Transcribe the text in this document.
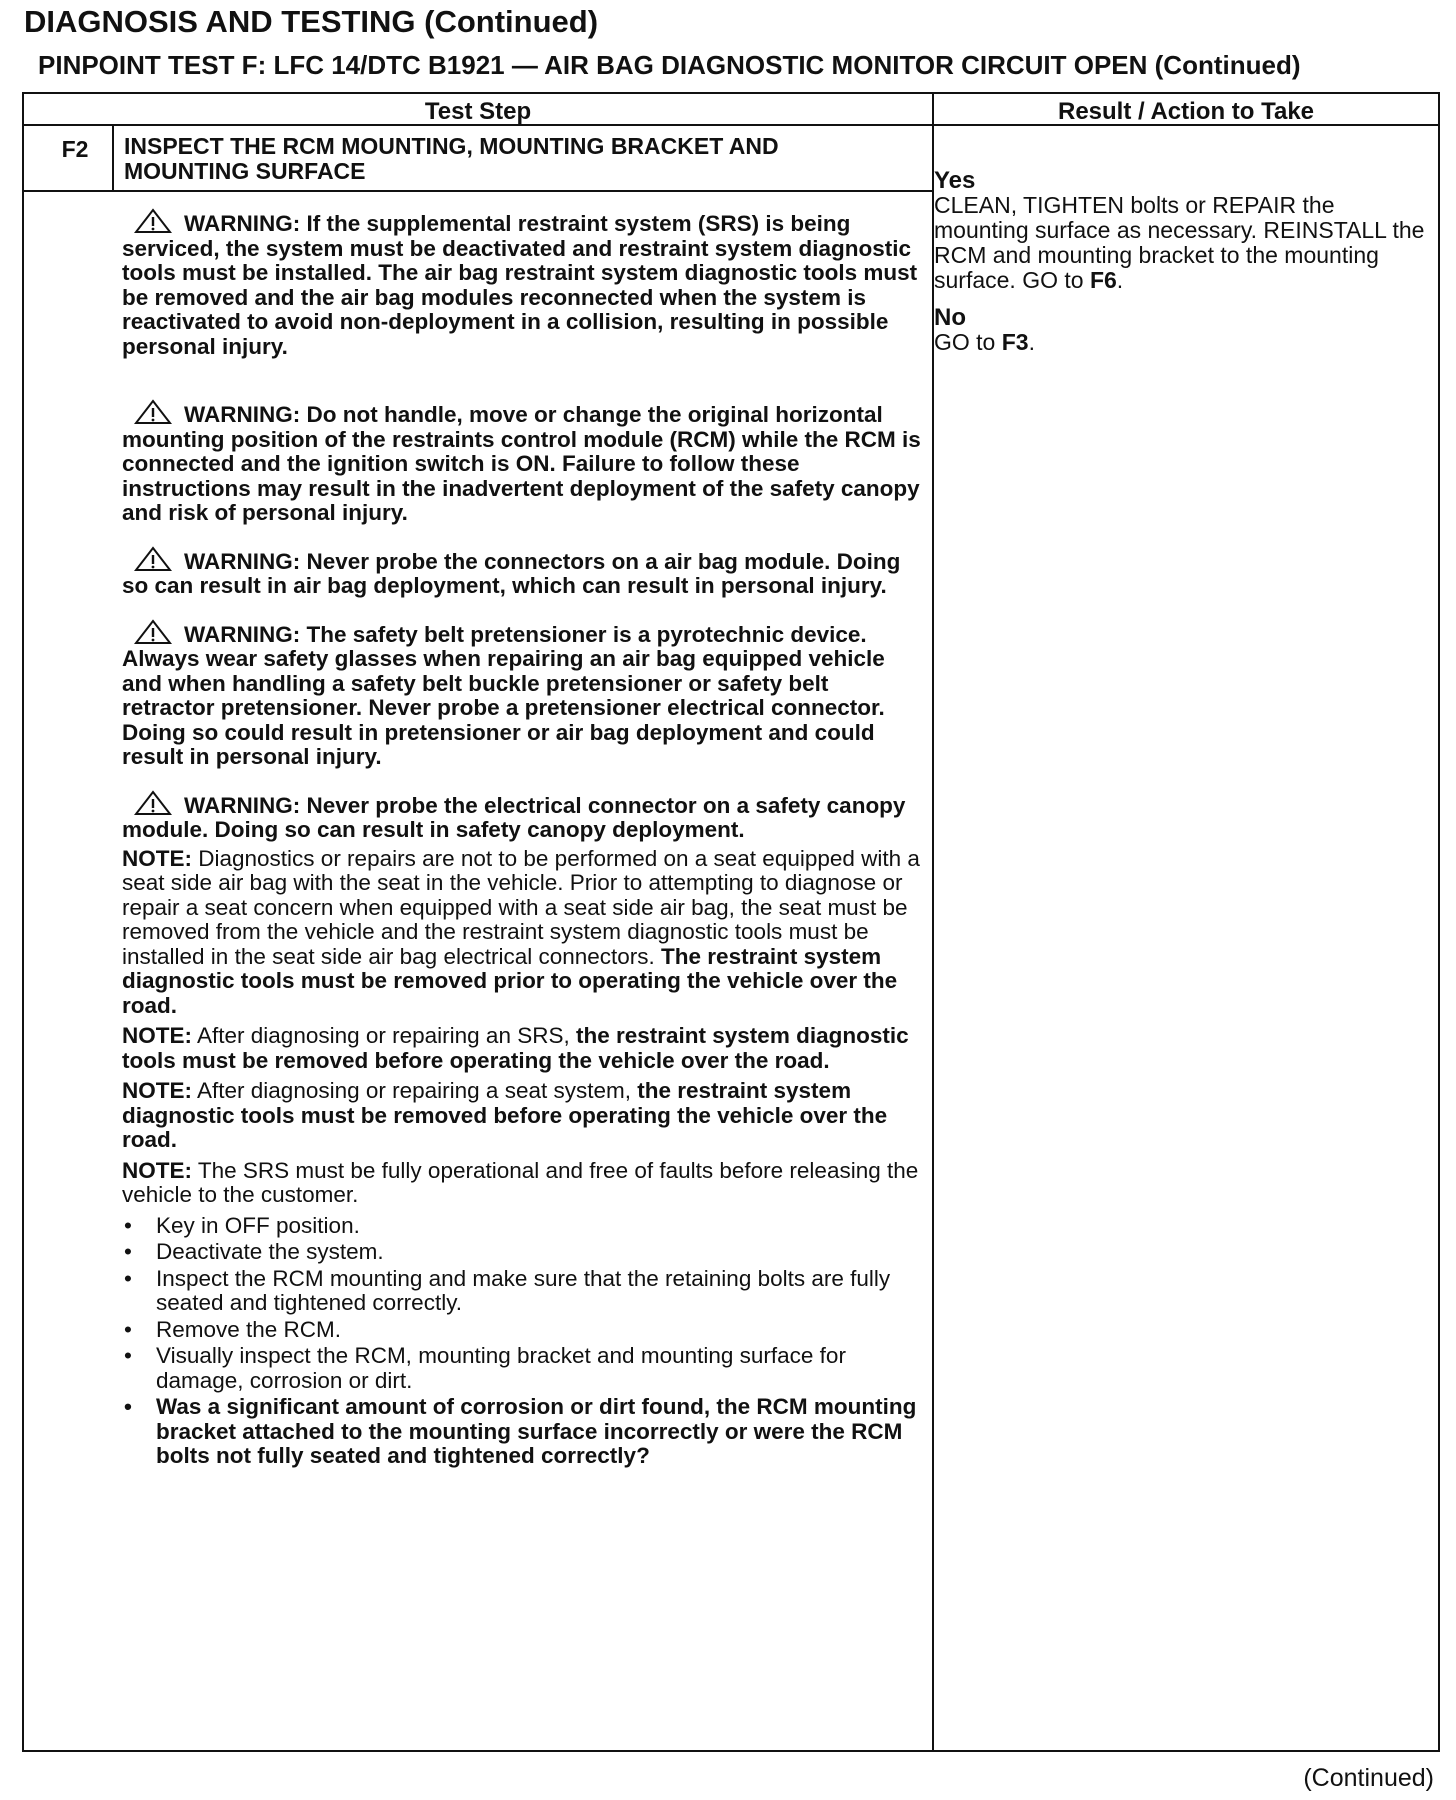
DIAGNOSIS AND TESTING (Continued)
PINPOINT TEST F: LFC 14/DTC B1921 — AIR BAG DIAGNOSTIC MONITOR CIRCUIT OPEN (Continued)
Test Step	Result / Action to Take
F2	INSPECT THE RCM MOUNTING, MOUNTING BRACKET AND MOUNTING SURFACE

WARNING: If the supplemental restraint system (SRS) is being serviced, the system must be deactivated and restraint system diagnostic tools must be installed. The air bag restraint system diagnostic tools must be removed and the air bag modules reconnected when the system is reactivated to avoid non-deployment in a collision, resulting in possible personal injury.

WARNING: Do not handle, move or change the original horizontal mounting position of the restraints control module (RCM) while the RCM is connected and the ignition switch is ON. Failure to follow these instructions may result in the inadvertent deployment of the safety canopy and risk of personal injury.

WARNING: Never probe the connectors on a air bag module. Doing so can result in air bag deployment, which can result in personal injury.

WARNING: The safety belt pretensioner is a pyrotechnic device. Always wear safety glasses when repairing an air bag equipped vehicle and when handling a safety belt buckle pretensioner or safety belt retractor pretensioner. Never probe a pretensioner electrical connector. Doing so could result in pretensioner or air bag deployment and could result in personal injury.

WARNING: Never probe the electrical connector on a safety canopy module. Doing so can result in safety canopy deployment.

NOTE: Diagnostics or repairs are not to be performed on a seat equipped with a seat side air bag with the seat in the vehicle. Prior to attempting to diagnose or repair a seat concern when equipped with a seat side air bag, the seat must be removed from the vehicle and the restraint system diagnostic tools must be installed in the seat side air bag electrical connectors. The restraint system diagnostic tools must be removed prior to operating the vehicle over the road.

NOTE: After diagnosing or repairing an SRS, the restraint system diagnostic tools must be removed before operating the vehicle over the road.

NOTE: After diagnosing or repairing a seat system, the restraint system diagnostic tools must be removed before operating the vehicle over the road.

NOTE: The SRS must be fully operational and free of faults before releasing the vehicle to the customer.

• Key in OFF position.
• Deactivate the system.
• Inspect the RCM mounting and make sure that the retaining bolts are fully seated and tightened correctly.
• Remove the RCM.
• Visually inspect the RCM, mounting bracket and mounting surface for damage, corrosion or dirt.
• Was a significant amount of corrosion or dirt found, the RCM mounting bracket attached to the mounting surface incorrectly or were the RCM bolts not fully seated and tightened correctly?
Yes
CLEAN, TIGHTEN bolts or REPAIR the mounting surface as necessary. REINSTALL the RCM and mounting bracket to the mounting surface. GO to F6.
No
GO to F3.
(Continued)
